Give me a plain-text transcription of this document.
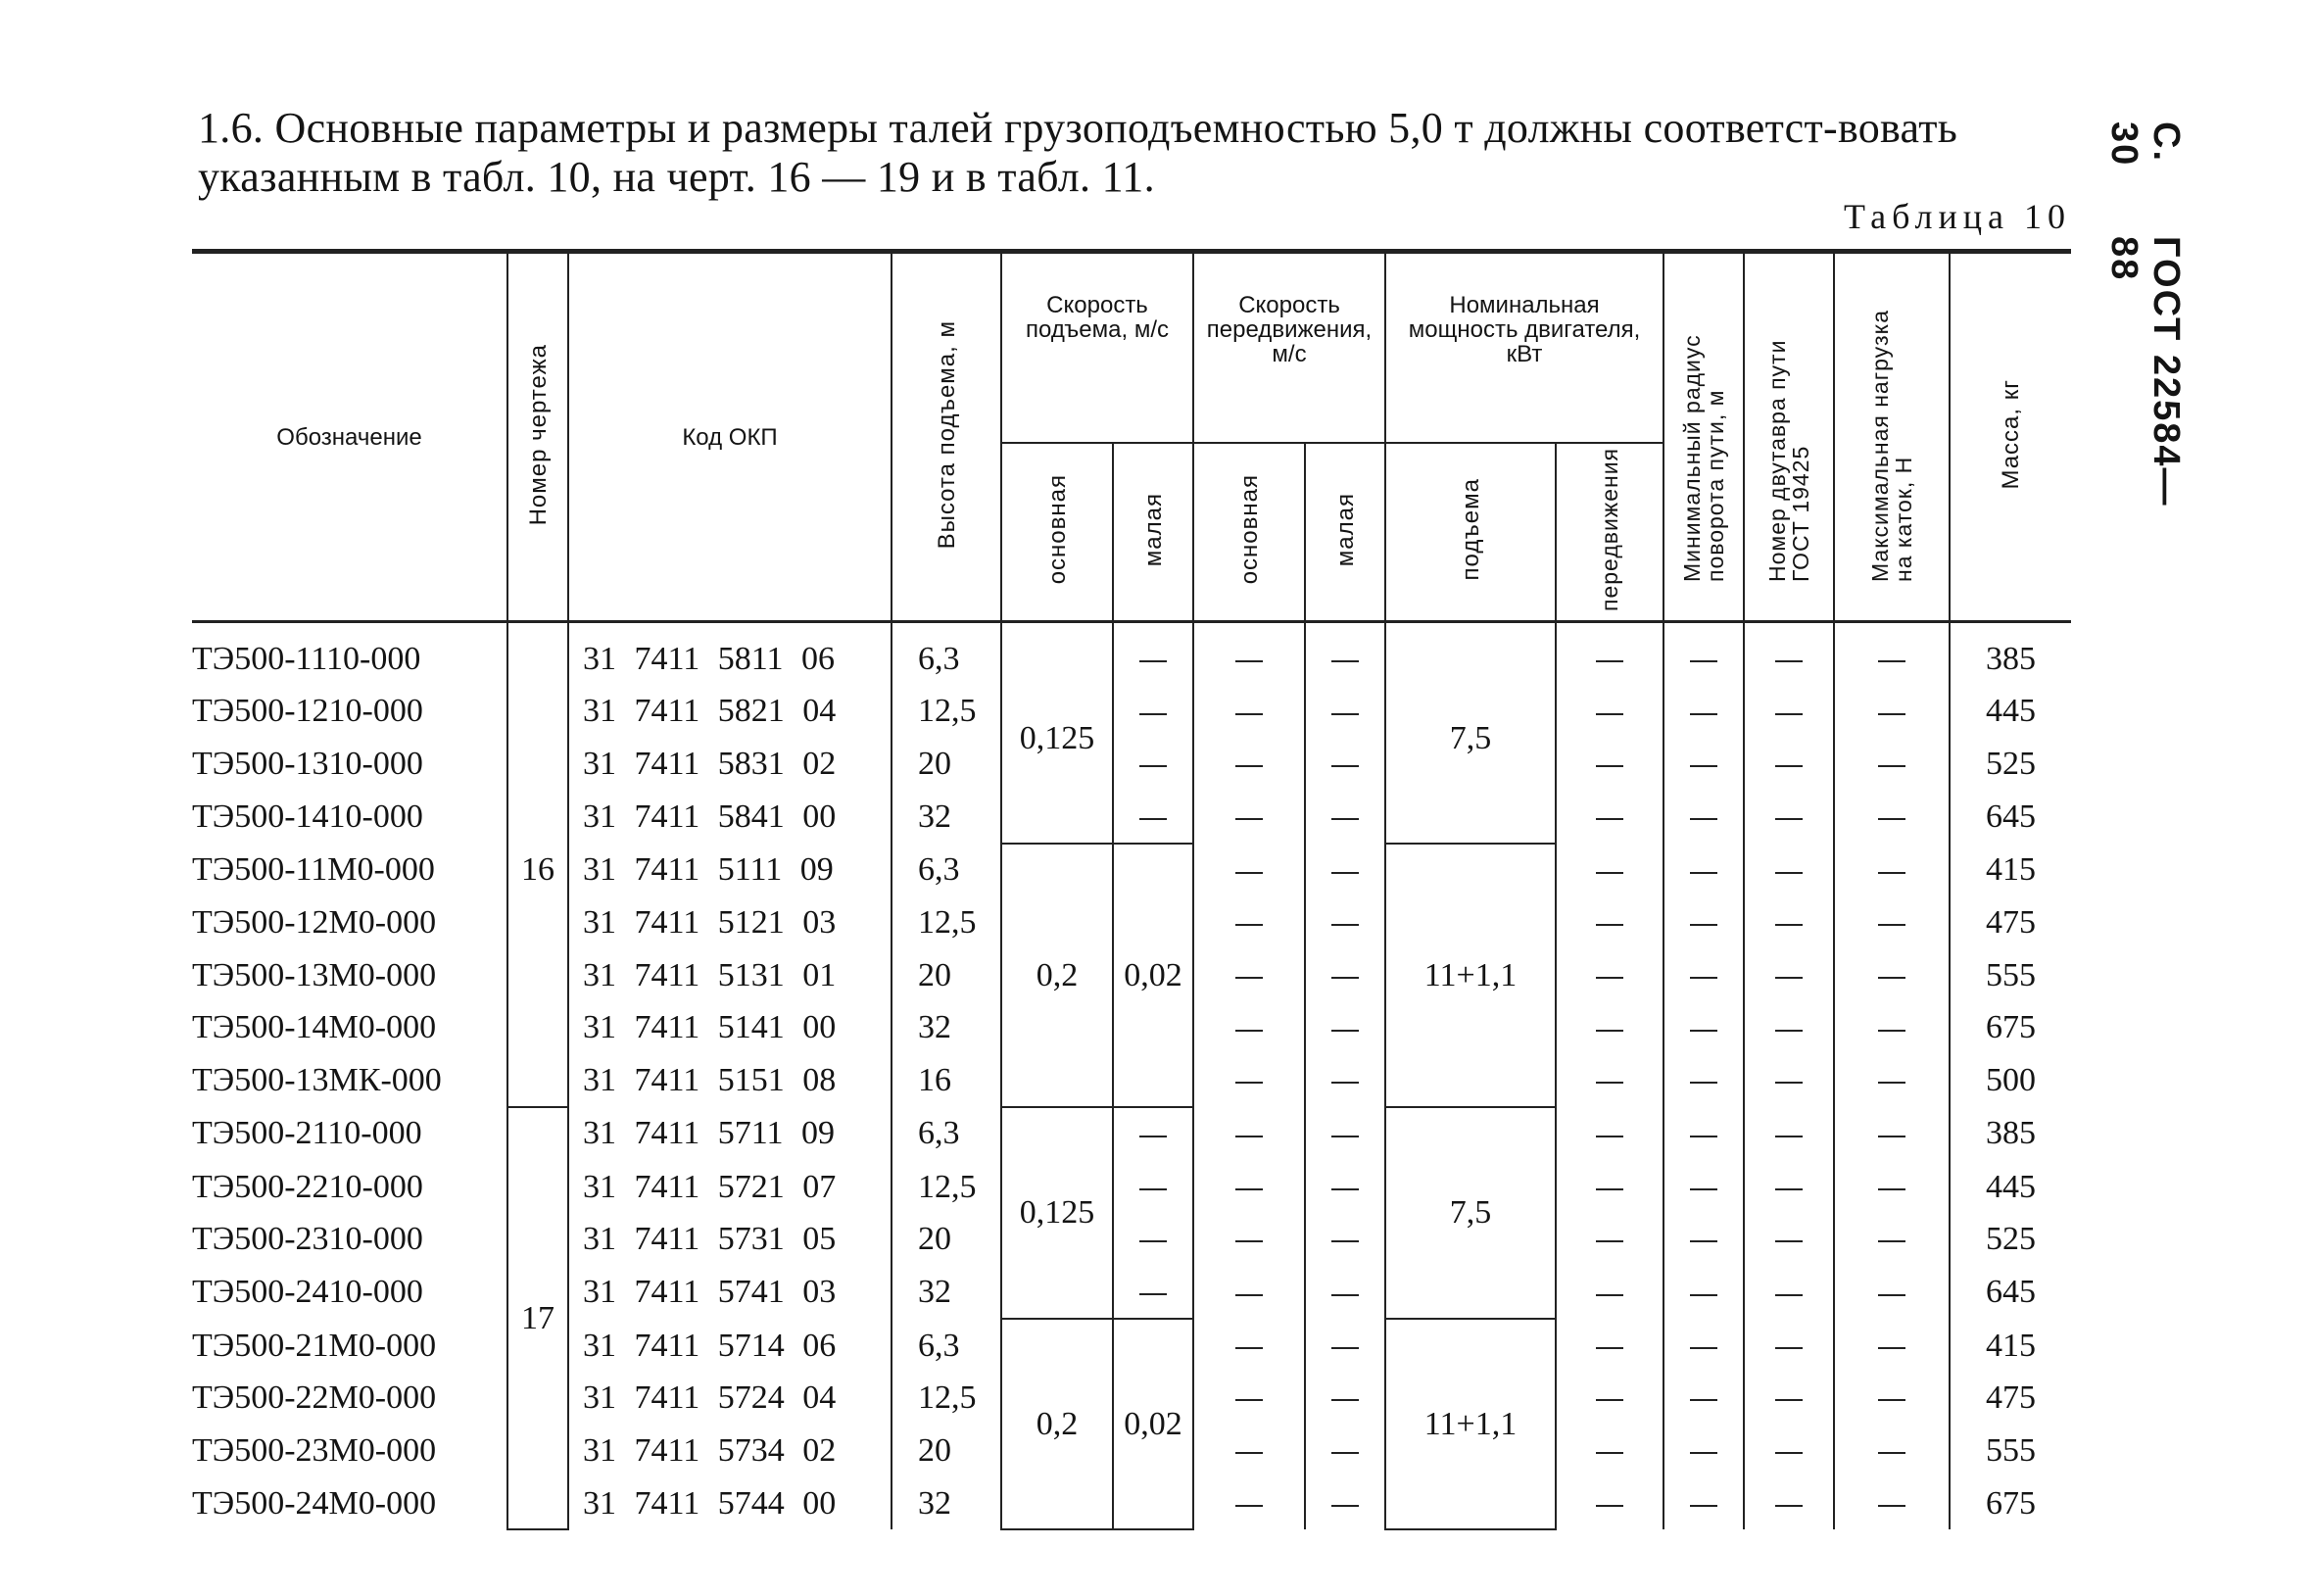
1.6. Основные параметры и размеры талей грузоподъемностью 5,0 т должны соответст-вовать указанным в табл. 10, на черт. 16 — 19 и в табл. 11.
Таблица 10
С. 30
ГОСТ 22584—88
Обозначение	Номер чертежа	Код ОКП	Высота подъема, м	Скорость подъема, м/с		Скорость передвижения, м/с		Номинальная мощность двигателя, кВт		Минимальный радиус поворота пути, м	Номер двутавра пути ГОСТ 19425	Максимальная нагрузка на каток, Н	Масса, кг
				основная	малая	основная	малая	подъема	передвижения				
ТЭ500-1110-000	16	31 7411 5811 06	6,3	0,125				7,5					385
ТЭ500-1210-000		31 7411 5821 04	12,5										445
ТЭ500-1310-000		31 7411 5831 02	20										525
ТЭ500-1410-000		31 7411 5841 00	32										645
ТЭ500-11М0-000		31 7411 5111 09	6,3	0,2	0,02			11+1,1					415
ТЭ500-12М0-000		31 7411 5121 03	12,5										475
ТЭ500-13М0-000		31 7411 5131 01	20										555
ТЭ500-14М0-000		31 7411 5141 00	32										675
ТЭ500-13МК-000		31 7411 5151 08	16										500
ТЭ500-2110-000	17	31 7411 5711 09	6,3	0,125				7,5					385
ТЭ500-2210-000		31 7411 5721 07	12,5										445
ТЭ500-2310-000		31 7411 5731 05	20										525
ТЭ500-2410-000		31 7411 5741 03	32										645
ТЭ500-21М0-000		31 7411 5714 06	6,3	0,2	0,02			11+1,1					415
ТЭ500-22М0-000		31 7411 5724 04	12,5										475
ТЭ500-23М0-000		31 7411 5734 02	20										555
ТЭ500-24М0-000		31 7411 5744 00	32										675
